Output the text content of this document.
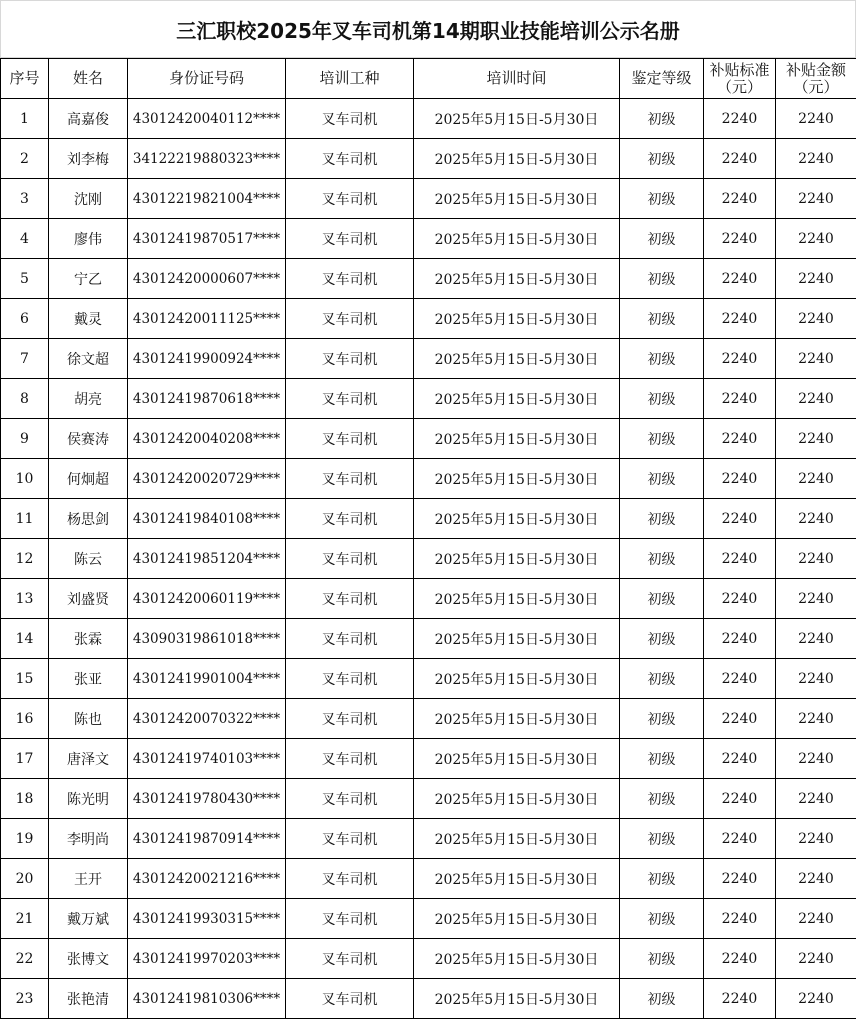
三汇职校2025年叉车司机第14期职业技能培训公示名册
序号	姓名	身份证号码	培训工种	培训时间	鉴定等级	补贴标准（元）	补贴金额（元）
1	高嘉俊	43012420040112****	叉车司机	2025年5月15日-5月30日	初级	2240	2240
2	刘李梅	34122219880323****	叉车司机	2025年5月15日-5月30日	初级	2240	2240
3	沈刚	43012219821004****	叉车司机	2025年5月15日-5月30日	初级	2240	2240
4	廖伟	43012419870517****	叉车司机	2025年5月15日-5月30日	初级	2240	2240
5	宁乙	43012420000607****	叉车司机	2025年5月15日-5月30日	初级	2240	2240
6	戴灵	43012420011125****	叉车司机	2025年5月15日-5月30日	初级	2240	2240
7	徐文超	43012419900924****	叉车司机	2025年5月15日-5月30日	初级	2240	2240
8	胡亮	43012419870618****	叉车司机	2025年5月15日-5月30日	初级	2240	2240
9	侯赛涛	43012420040208****	叉车司机	2025年5月15日-5月30日	初级	2240	2240
10	何炯超	43012420020729****	叉车司机	2025年5月15日-5月30日	初级	2240	2240
11	杨思剑	43012419840108****	叉车司机	2025年5月15日-5月30日	初级	2240	2240
12	陈云	43012419851204****	叉车司机	2025年5月15日-5月30日	初级	2240	2240
13	刘盛贤	43012420060119****	叉车司机	2025年5月15日-5月30日	初级	2240	2240
14	张霖	43090319861018****	叉车司机	2025年5月15日-5月30日	初级	2240	2240
15	张亚	43012419901004****	叉车司机	2025年5月15日-5月30日	初级	2240	2240
16	陈也	43012420070322****	叉车司机	2025年5月15日-5月30日	初级	2240	2240
17	唐泽文	43012419740103****	叉车司机	2025年5月15日-5月30日	初级	2240	2240
18	陈光明	43012419780430****	叉车司机	2025年5月15日-5月30日	初级	2240	2240
19	李明尚	43012419870914****	叉车司机	2025年5月15日-5月30日	初级	2240	2240
20	王开	43012420021216****	叉车司机	2025年5月15日-5月30日	初级	2240	2240
21	戴万斌	43012419930315****	叉车司机	2025年5月15日-5月30日	初级	2240	2240
22	张博文	43012419970203****	叉车司机	2025年5月15日-5月30日	初级	2240	2240
23	张艳清	43012419810306****	叉车司机	2025年5月15日-5月30日	初级	2240	2240
